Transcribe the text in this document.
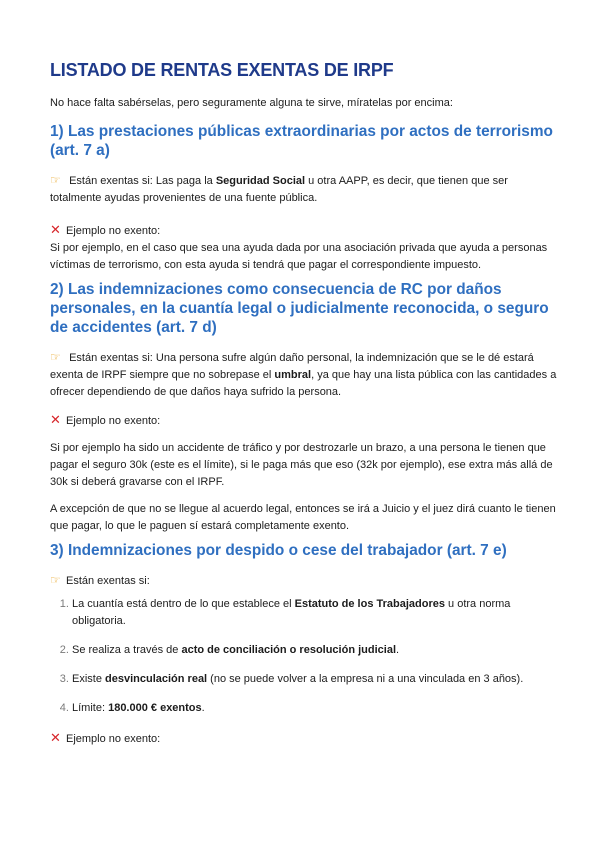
LISTADO DE RENTAS EXENTAS DE IRPF

No hace falta sabérselas, pero seguramente alguna te sirve, míratelas por encima:

1) Las prestaciones públicas extraordinarias por actos de terrorismo (art. 7 a)

☞ Están exentas si: Las paga la Seguridad Social u otra AAPP, es decir, que tienen que ser totalmente ayudas provenientes de una fuente pública.

✕ Ejemplo no exento:

Si por ejemplo, en el caso que sea una ayuda dada por una asociación privada que ayuda a personas víctimas de terrorismo, con esta ayuda si tendrá que pagar el correspondiente impuesto.

2) Las indemnizaciones como consecuencia de RC por daños personales, en la cuantía legal o judicialmente reconocida, o seguro de accidentes (art. 7 d)

☞ Están exentas si: Una persona sufre algún daño personal, la indemnización que se le dé estará exenta de IRPF siempre que no sobrepase el umbral, ya que hay una lista pública con las cantidades a ofrecer dependiendo de que daños haya sufrido la persona.

✕ Ejemplo no exento:

Si por ejemplo ha sido un accidente de tráfico y por destrozarle un brazo, a una persona le tienen que pagar el seguro 30k (este es el límite), si le paga más que eso (32k por ejemplo), ese extra más allá de 30k si deberá gravarse con el IRPF.

A excepción de que no se llegue al acuerdo legal, entonces se irá a Juicio y el juez dirá cuanto le tienen que pagar, lo que le paguen sí estará completamente exento.

3) Indemnizaciones por despido o cese del trabajador (art. 7 e)

☞ Están exentas si:

1. La cuantía está dentro de lo que establece el Estatuto de los Trabajadores u otra norma obligatoria.
2. Se realiza a través de acto de conciliación o resolución judicial.
3. Existe desvinculación real (no se puede volver a la empresa ni a una vinculada en 3 años).
4. Límite: 180.000 € exentos.

✕ Ejemplo no exento:
